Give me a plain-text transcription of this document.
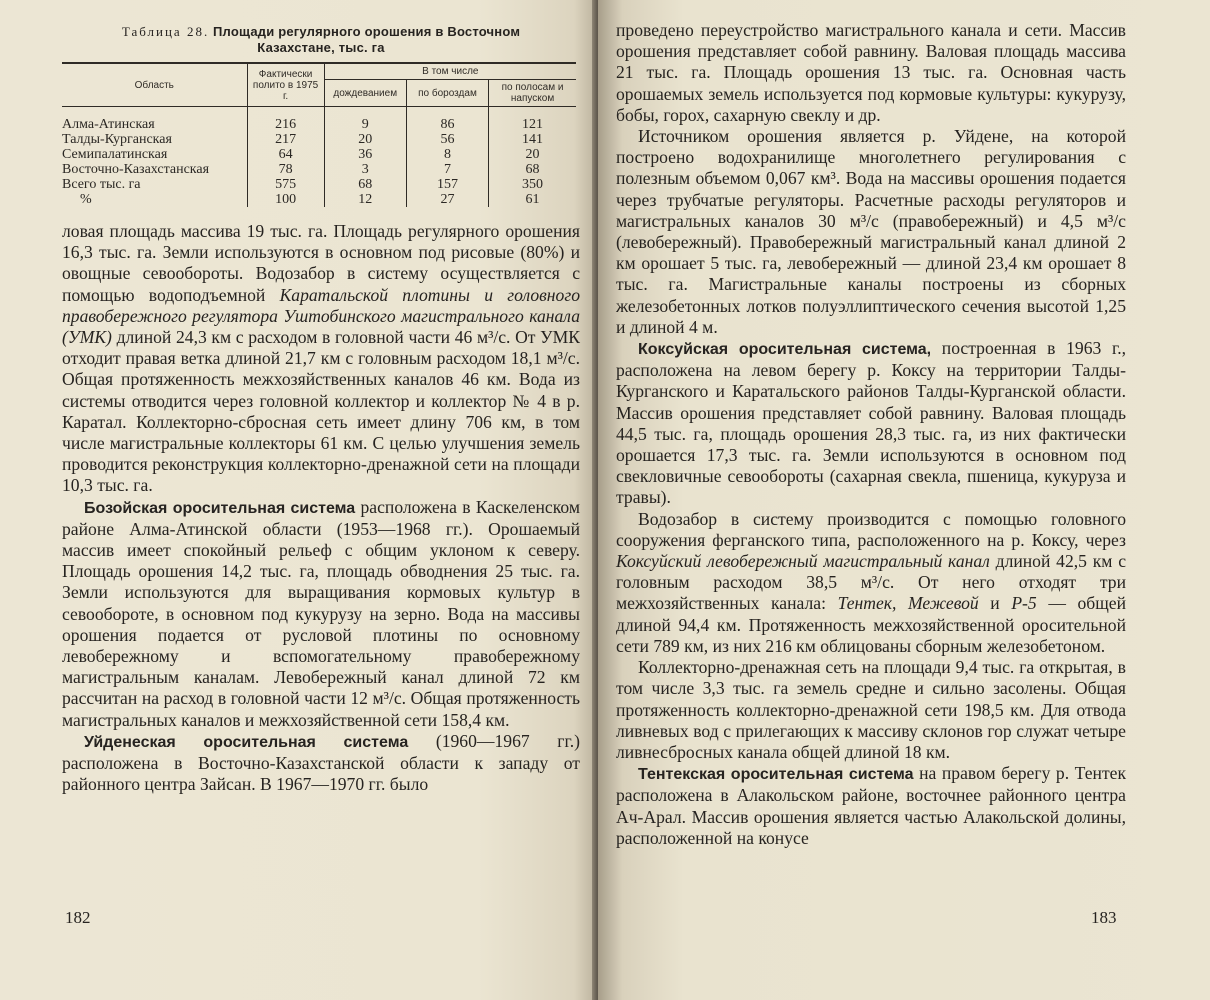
Таблица 28. Площади регулярного орошения в Восточном
Казахстане, тыс. га
Область	Фактически полито в 1975 г.	В том числе		
		дождеванием	по бороздам	по полосам и напуском
Алма-Атинская	216	9	86	121
Талды-Курганская	217	20	56	141
Семипалатинская	64	36	8	20
Восточно-Казахстанская	78	3	7	68
Всего тыс. га	575	68	157	350
%	100	12	27	61

ловая площадь массива 19 тыс. га. Площадь регулярного орошения 16,3 тыс. га. Земли используются в основном под рисовые (80%) и овощные севообороты. Водозабор в систему осуществляется с помощью водоподъемной Каратальской плотины и головного правобережного регулятора Уштобинского магистрального канала (УМК) длиной 24,3 км с расходом в головной части 46 м³/с. От УМК отходит правая ветка длиной 21,7 км с головным расходом 18,1 м³/с. Общая протяженность межхозяйственных каналов 46 км. Вода из системы отводится через головной коллектор и коллектор № 4 в р. Каратал. Коллекторно-сбросная сеть имеет длину 706 км, в том числе магистральные коллекторы 61 км. С целью улучшения земель проводится реконструкция коллекторно-дренажной сети на площади 10,3 тыс. га.

Бозойская оросительная система расположена в Каскеленском районе Алма-Атинской области (1953—1968 гг.). Орошаемый массив имеет спокойный рельеф с общим уклоном к северу. Площадь орошения 14,2 тыс. га, площадь обводнения 25 тыс. га. Земли используются для выращивания кормовых культур в севообороте, в основном под кукурузу на зерно. Вода на массивы орошения подается от русловой плотины по основному левобережному и вспомогательному правобережному магистральным каналам. Левобережный канал длиной 72 км рассчитан на расход в головной части 12 м³/с. Общая протяженность магистральных каналов и межхозяйственной сети 158,4 км.

Уйденеская оросительная система (1960—1967 гг.) расположена в Восточно-Казахстанской области к западу от районного центра Зайсан. В 1967—1970 гг. было

182

проведено переустройство магистрального канала и сети. Массив орошения представляет собой равнину. Валовая площадь массива 21 тыс. га. Площадь орошения 13 тыс. га. Основная часть орошаемых земель используется под кормовые культуры: кукурузу, бобы, горох, сахарную свеклу и др.

Источником орошения является р. Уйдене, на которой построено водохранилище многолетнего регулирования с полезным объемом 0,067 км³. Вода на массивы орошения подается через трубчатые регуляторы. Расчетные расходы регуляторов и магистральных каналов 30 м³/с (правобережный) и 4,5 м³/с (левобережный). Правобережный магистральный канал длиной 2 км орошает 5 тыс. га, левобережный — длиной 23,4 км орошает 8 тыс. га. Магистральные каналы построены из сборных железобетонных лотков полуэллиптического сечения высотой 1,25 и длиной 4 м.

Коксуйская оросительная система, построенная в 1963 г., расположена на левом берегу р. Коксу на территории Талды-Курганского и Каратальского районов Талды-Курганской области. Массив орошения представляет собой равнину. Валовая площадь 44,5 тыс. га, площадь орошения 28,3 тыс. га, из них фактически орошается 17,3 тыс. га. Земли используются в основном под свекловичные севообороты (сахарная свекла, пшеница, кукуруза и травы).

Водозабор в систему производится с помощью головного сооружения ферганского типа, расположенного на р. Коксу, через Коксуйский левобережный магистральный канал длиной 42,5 км с головным расходом 38,5 м³/с. От него отходят три межхозяйственных канала: Тентек, Межевой и Р-5 — общей длиной 94,4 км. Протяженность межхозяйственной оросительной сети 789 км, из них 216 км облицованы сборным железобетоном.

Коллекторно-дренажная сеть на площади 9,4 тыс. га открытая, в том числе 3,3 тыс. га земель средне и сильно засолены. Общая протяженность коллекторно-дренажной сети 198,5 км. Для отвода ливневых вод с прилегающих к массиву склонов гор служат четыре ливнесбросных канала общей длиной 18 км.

Тентекская оросительная система на правом берегу р. Тентек расположена в Алакольском районе, восточнее районного центра Ач-Арал. Массив орошения является частью Алакольской долины, расположенной на конусе

183
